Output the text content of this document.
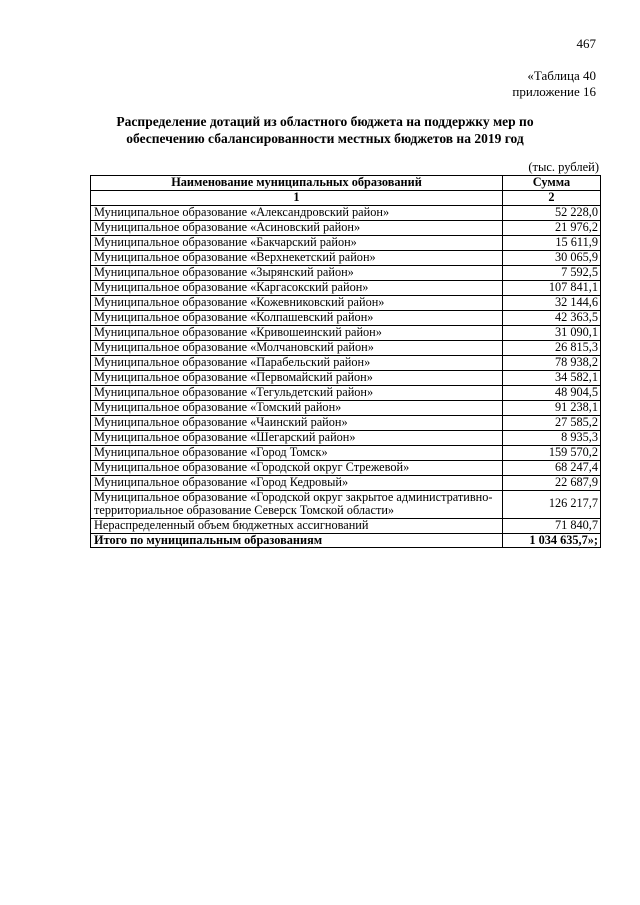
467
«Таблица 40
приложение 16
Распределение дотаций из областного бюджета на поддержку мер по
обеспечению сбалансированности местных бюджетов на 2019 год
(тыс. рублей)
Наименование муниципальных образований	Сумма
1	2
Муниципальное образование «Александровский район»	52 228,0
Муниципальное образование «Асиновский район»	21 976,2
Муниципальное образование «Бакчарский район»	15 611,9
Муниципальное образование «Верхнекетский район»	30 065,9
Муниципальное образование «Зырянский район»	7 592,5
Муниципальное образование «Каргасокский район»	107 841,1
Муниципальное образование «Кожевниковский район»	32 144,6
Муниципальное образование «Колпашевский район»	42 363,5
Муниципальное образование «Кривошеинский район»	31 090,1
Муниципальное образование «Молчановский район»	26 815,3
Муниципальное образование «Парабельский район»	78 938,2
Муниципальное образование «Первомайский район»	34 582,1
Муниципальное образование «Тегульдетский район»	48 904,5
Муниципальное образование «Томский район»	91 238,1
Муниципальное образование «Чаинский район»	27 585,2
Муниципальное образование «Шегарский район»	8 935,3
Муниципальное образование «Город Томск»	159 570,2
Муниципальное образование «Городской округ Стрежевой»	68 247,4
Муниципальное образование «Город Кедровый»	22 687,9
Муниципальное образование «Городской округ закрытое административно-территориальное образование Северск Томской области»	126 217,7
Нераспределенный объем бюджетных ассигнований	71 840,7
Итого по муниципальным образованиям	1 034 635,7»;
